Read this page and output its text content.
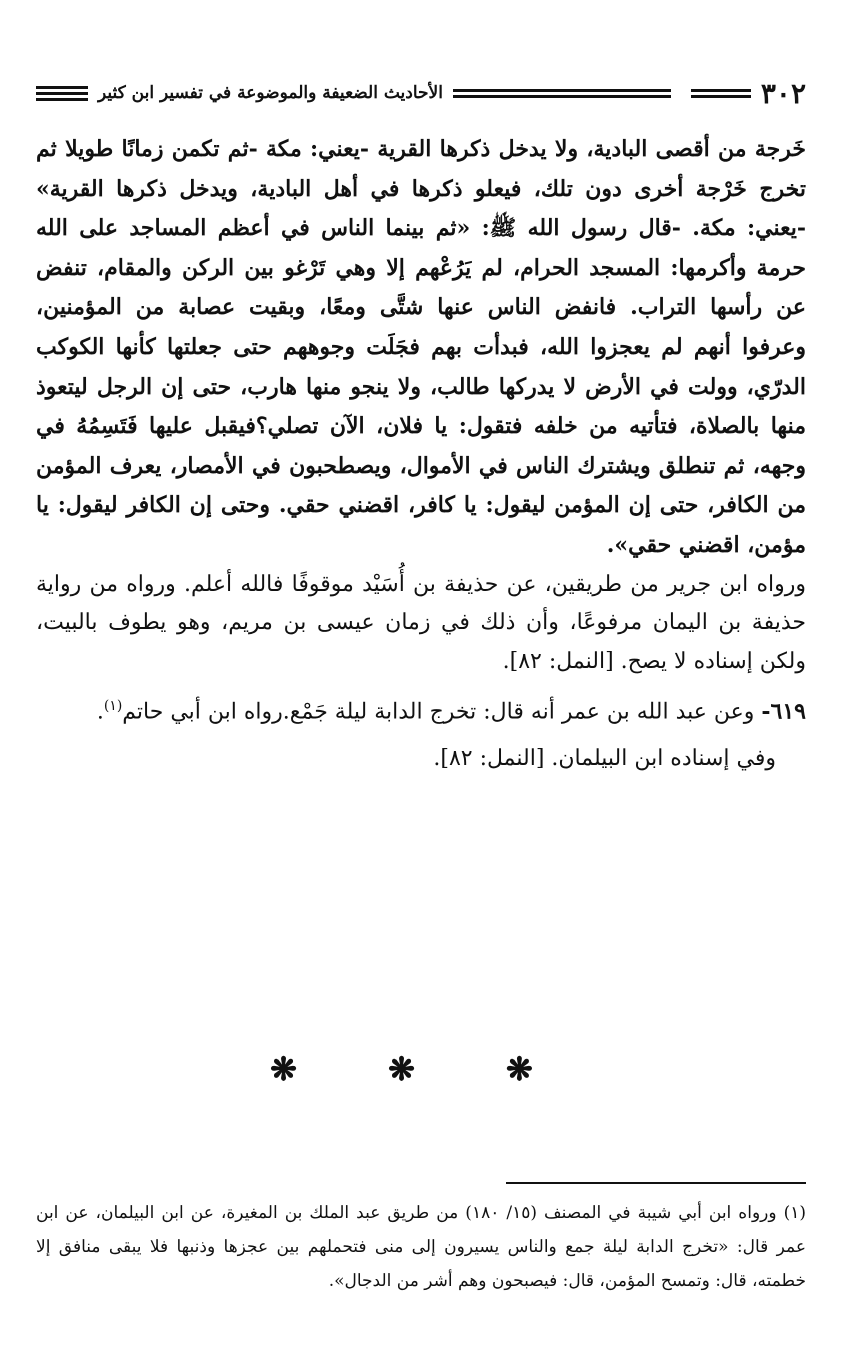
٣٠٢
الأحاديث الضعيفة والموضوعة في تفسير ابن كثير

خَرجة من أقصى البادية، ولا يدخل ذكرها القرية -يعني: مكة -ثم تكمن زمانًا طويلا ثم تخرج خَرْجة أخرى دون تلك، فيعلو ذكرها في أهل البادية، ويدخل ذكرها القرية» -يعني: مكة. -قال رسول الله ﷺ: «ثم بينما الناس في أعظم المساجد على الله حرمة وأكرمها: المسجد الحرام، لم يَرُعْهم إلا وهي تَرْغو بين الركن والمقام، تنفض عن رأسها التراب. فانفض الناس عنها شتَّى ومعًا، وبقيت عصابة من المؤمنين، وعرفوا أنهم لم يعجزوا الله، فبدأت بهم فجَلَت وجوههم حتى جعلتها كأنها الكوكب الدرّي، وولت في الأرض لا يدركها طالب، ولا ينجو منها هارب، حتى إن الرجل ليتعوذ منها بالصلاة، فتأتيه من خلفه فتقول: يا فلان، الآن تصلي؟فيقبل عليها فَتَسِمُهُ في وجهه، ثم تنطلق ويشترك الناس في الأموال، ويصطحبون في الأمصار، يعرف المؤمن من الكافر، حتى إن المؤمن ليقول: يا كافر، اقضني حقي. وحتى إن الكافر ليقول: يا مؤمن، اقضني حقي».

ورواه ابن جرير من طريقين، عن حذيفة بن أُسَيْد موقوفًا فالله أعلم. ورواه من رواية حذيفة بن اليمان مرفوعًا، وأن ذلك في زمان عيسى بن مريم، وهو يطوف بالبيت، ولكن إسناده لا يصح. [النمل: ٨٢].

٦١٩- وعن عبد الله بن عمر أنه قال: تخرج الدابة ليلة جَمْع.رواه ابن أبي حاتم$^{(١)}$.

وفي إسناده ابن البيلمان. [النمل: ٨٢].

❋ ❋ ❋
(١) ورواه ابن أبي شيبة في المصنف (١٥/ ١٨٠) من طريق عبد الملك بن المغيرة، عن ابن البيلمان، عن ابن عمر قال: «تخرج الدابة ليلة جمع والناس يسيرون إلى منى فتحملهم بين عجزها وذنبها فلا يبقى منافق إلا خطمته، قال: وتمسح المؤمن، قال: فيصبحون وهم أشر من الدجال».
